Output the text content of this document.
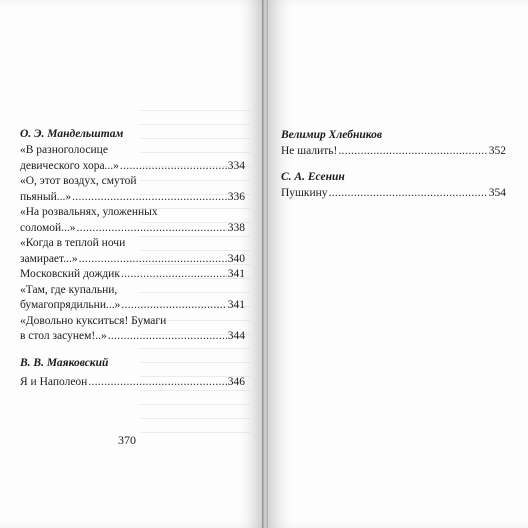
О. Э. Мандельштам
«В разноголосице
девического хора...» .....	334
«О, этот воздух, смутой
пьяный...» .....	336
«На розвальнях, уложенных
соломой...» .....	338
«Когда в теплой ночи
замирает...» .....	340
Московский дождик .....	341
«Там, где купальни,
бумагопрядильни...» .....	341
«Довольно кукситься! Бумаги
в стол засунем!..» .....	344
В. В. Маяковский
Я и Наполеон .....	346
370
Велимир Хлебников
Не шалить! .....	352
С. А. Есенин
Пушкину .....	354
